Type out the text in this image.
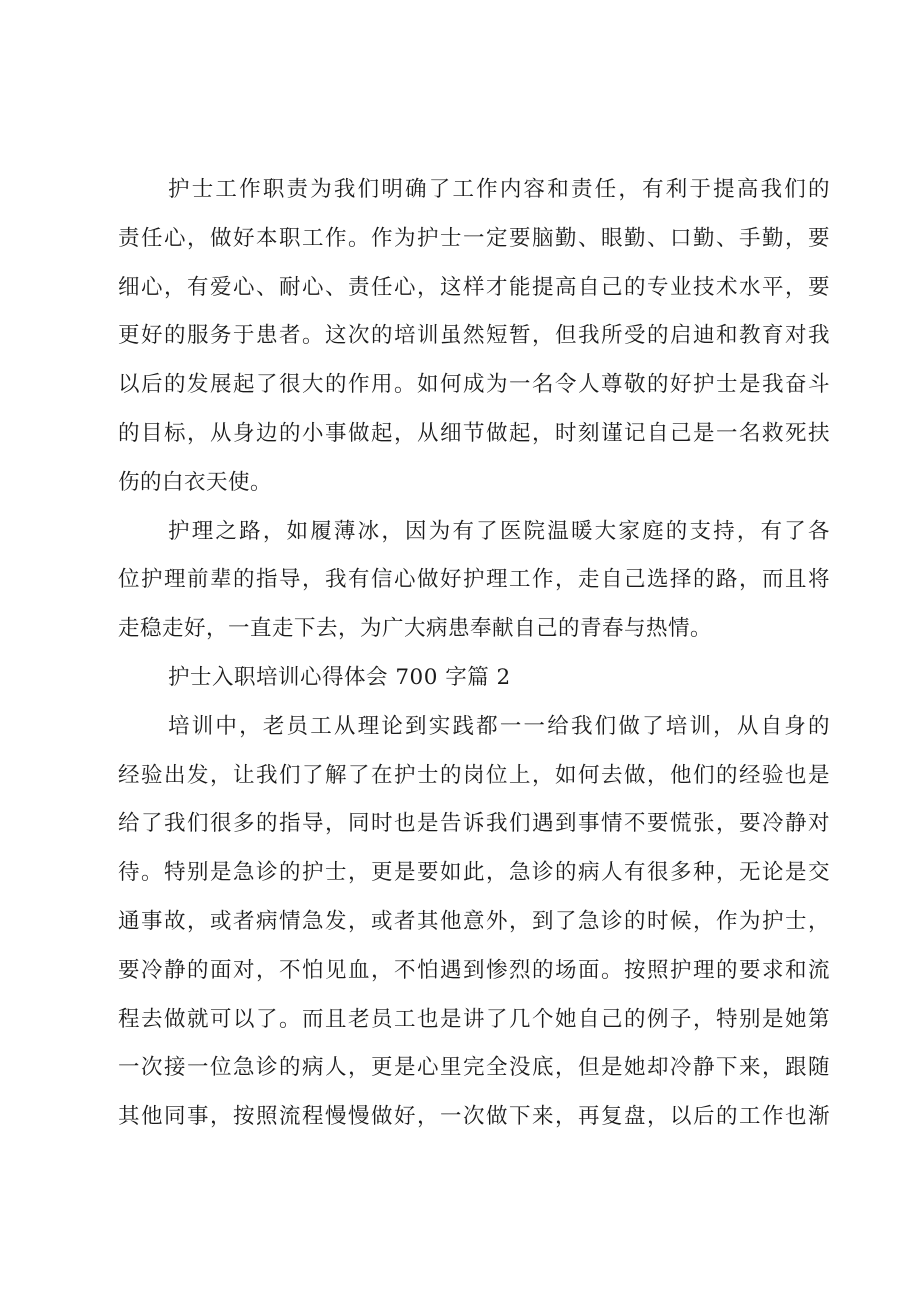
护士工作职责为我们明确了工作内容和责任，有利于提高我们的
责任心，做好本职工作。作为护士一定要脑勤、眼勤、口勤、手勤，要
细心，有爱心、耐心、责任心，这样才能提高自己的专业技术水平，要
更好的服务于患者。这次的培训虽然短暂，但我所受的启迪和教育对我
以后的发展起了很大的作用。如何成为一名令人尊敬的好护士是我奋斗
的目标，从身边的小事做起，从细节做起，时刻谨记自己是一名救死扶
伤的白衣天使。
护理之路，如履薄冰，因为有了医院温暖大家庭的支持，有了各
位护理前辈的指导，我有信心做好护理工作，走自己选择的路，而且将
走稳走好，一直走下去，为广大病患奉献自己的青春与热情。
护士入职培训心得体会 700 字篇 2
培训中，老员工从理论到实践都一一给我们做了培训，从自身的
经验出发，让我们了解了在护士的岗位上，如何去做，他们的经验也是
给了我们很多的指导，同时也是告诉我们遇到事情不要慌张，要冷静对
待。特别是急诊的护士，更是要如此，急诊的病人有很多种，无论是交
通事故，或者病情急发，或者其他意外，到了急诊的时候，作为护士，
要冷静的面对，不怕见血，不怕遇到惨烈的场面。按照护理的要求和流
程去做就可以了。而且老员工也是讲了几个她自己的例子，特别是她第
一次接一位急诊的病人，更是心里完全没底，但是她却冷静下来，跟随
其他同事，按照流程慢慢做好，一次做下来，再复盘，以后的工作也渐
